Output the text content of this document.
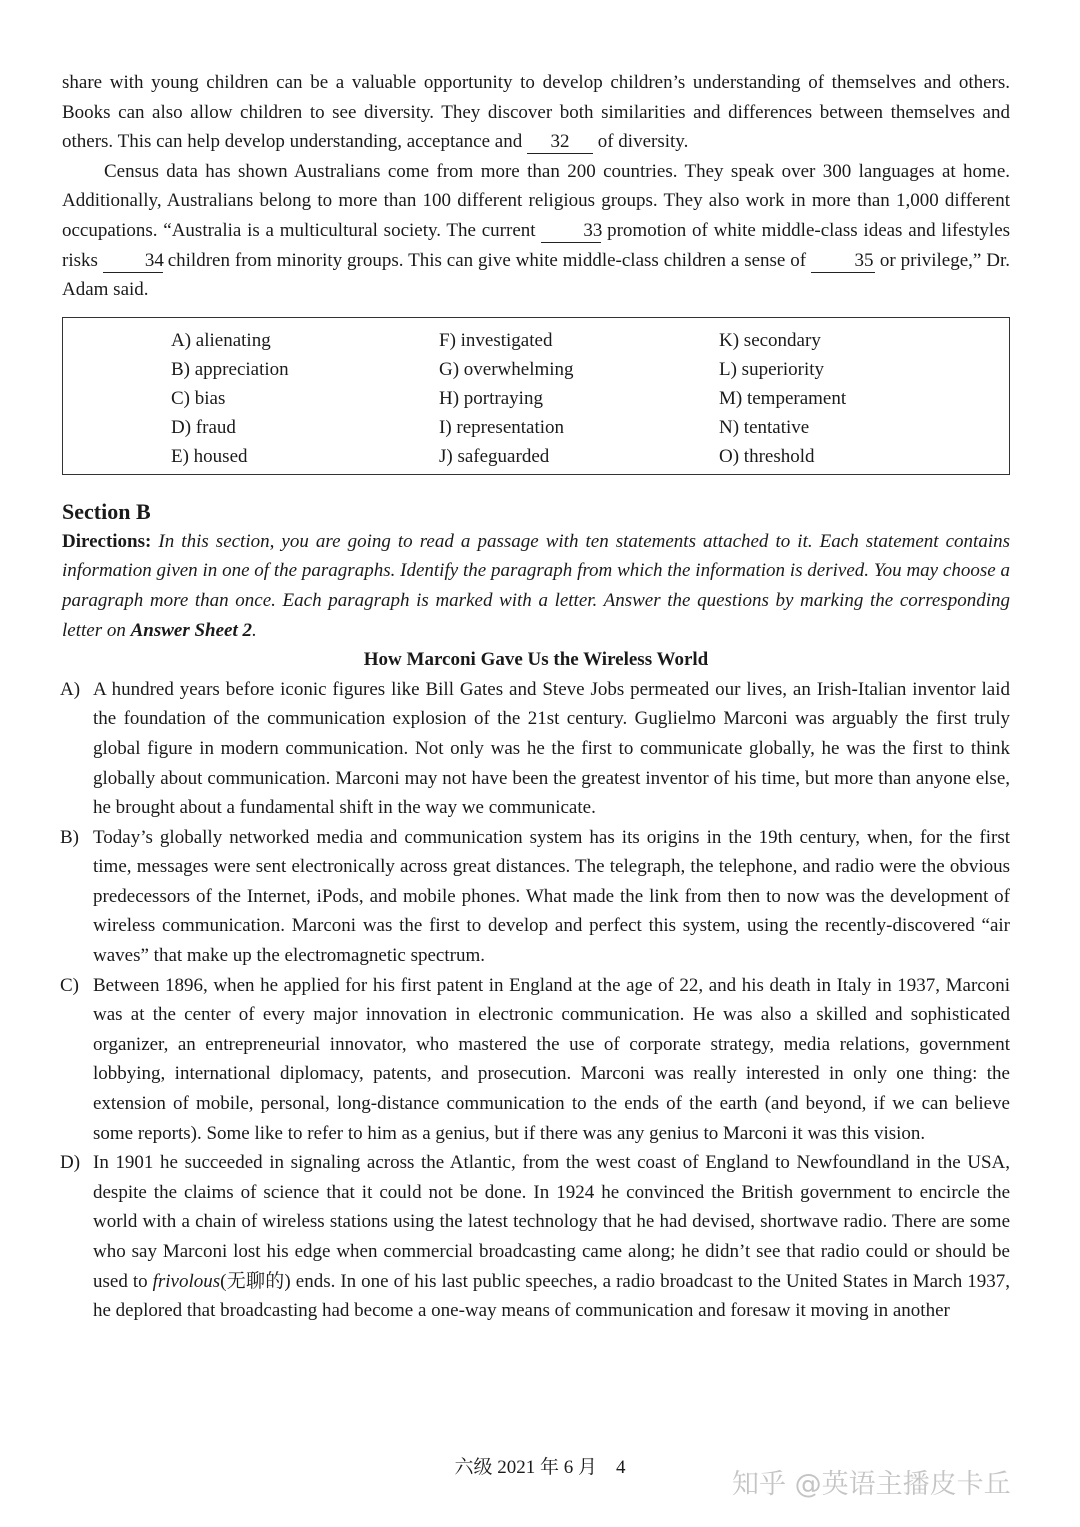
share with young children can be a valuable opportunity to develop children’s understanding of themselves and others. Books can also allow children to see diversity. They discover both similarities and differences between themselves and others. This can help develop understanding, acceptance and 32 of diversity.

Census data has shown Australians come from more than 200 countries. They speak over 300 languages at home. Additionally, Australians belong to more than 100 different religious groups. They also work in more than 1,000 different occupations. “Australia is a multicultural society. The current	33 promotion of white middle-class ideas and lifestyles risks 34 children from minority groups. This can give white middle-class children a sense of	35 or privilege,” Dr. Adam said.

A) alienating
B) appreciation
C) bias
D) fraud
E) housed
F) investigated
G) overwhelming
H) portraying
I) representation
J) safeguarded
K) secondary
L) superiority
M) temperament
N) tentative
O) threshold
Section B

Directions: In this section, you are going to read a passage with ten statements attached to it. Each statement contains information given in one of the paragraphs. Identify the paragraph from which the information is derived. You may choose a paragraph more than once. Each paragraph is marked with a letter. Answer the questions by marking the corresponding letter on Answer Sheet 2.

How Marconi Gave Us the Wireless World
A) A hundred years before iconic figures like Bill Gates and Steve Jobs permeated our lives, an Irish-Italian inventor laid the foundation of the communication explosion of the 21st century. Guglielmo Marconi was arguably the first truly global figure in modern communication. Not only was he the first to communicate globally, he was the first to think globally about communication. Marconi may not have been the greatest inventor of his time, but more than anyone else, he brought about a fundamental shift in the way we communicate.
B) Today’s globally networked media and communication system has its origins in the 19th century, when, for the first time, messages were sent electronically across great distances. The telegraph, the telephone, and radio were the obvious predecessors of the Internet, iPods, and mobile phones. What made the link from then to now was the development of wireless communication. Marconi was the first to develop and perfect this system, using the recently-discovered “air waves” that make up the electromagnetic spectrum.
C) Between 1896, when he applied for his first patent in England at the age of 22, and his death in Italy in 1937, Marconi was at the center of every major innovation in electronic communication. He was also a skilled and sophisticated organizer, an entrepreneurial innovator, who mastered the use of corporate strategy, media relations, government lobbying, international diplomacy, patents, and prosecution. Marconi was really interested in only one thing: the extension of mobile, personal, long-distance communication to the ends of the earth (and beyond, if we can believe some reports). Some like to refer to him as a genius, but if there was any genius to Marconi it was this vision.
D) In 1901 he succeeded in signaling across the Atlantic, from the west coast of England to Newfoundland in the USA, despite the claims of science that it could not be done. In 1924 he convinced the British government to encircle the world with a chain of wireless stations using the latest technology that he had devised, shortwave radio. There are some who say Marconi lost his edge when commercial broadcasting came along; he didn’t see that radio could or should be used to frivolous(无聊的) ends. In one of his last public speeches, a radio broadcast to the United States in March 1937, he deplored that broadcasting had become a one-way means of communication and foresaw it moving in another
六级 2021 年 6 月 4
知乎 @英语主播皮卡丘
